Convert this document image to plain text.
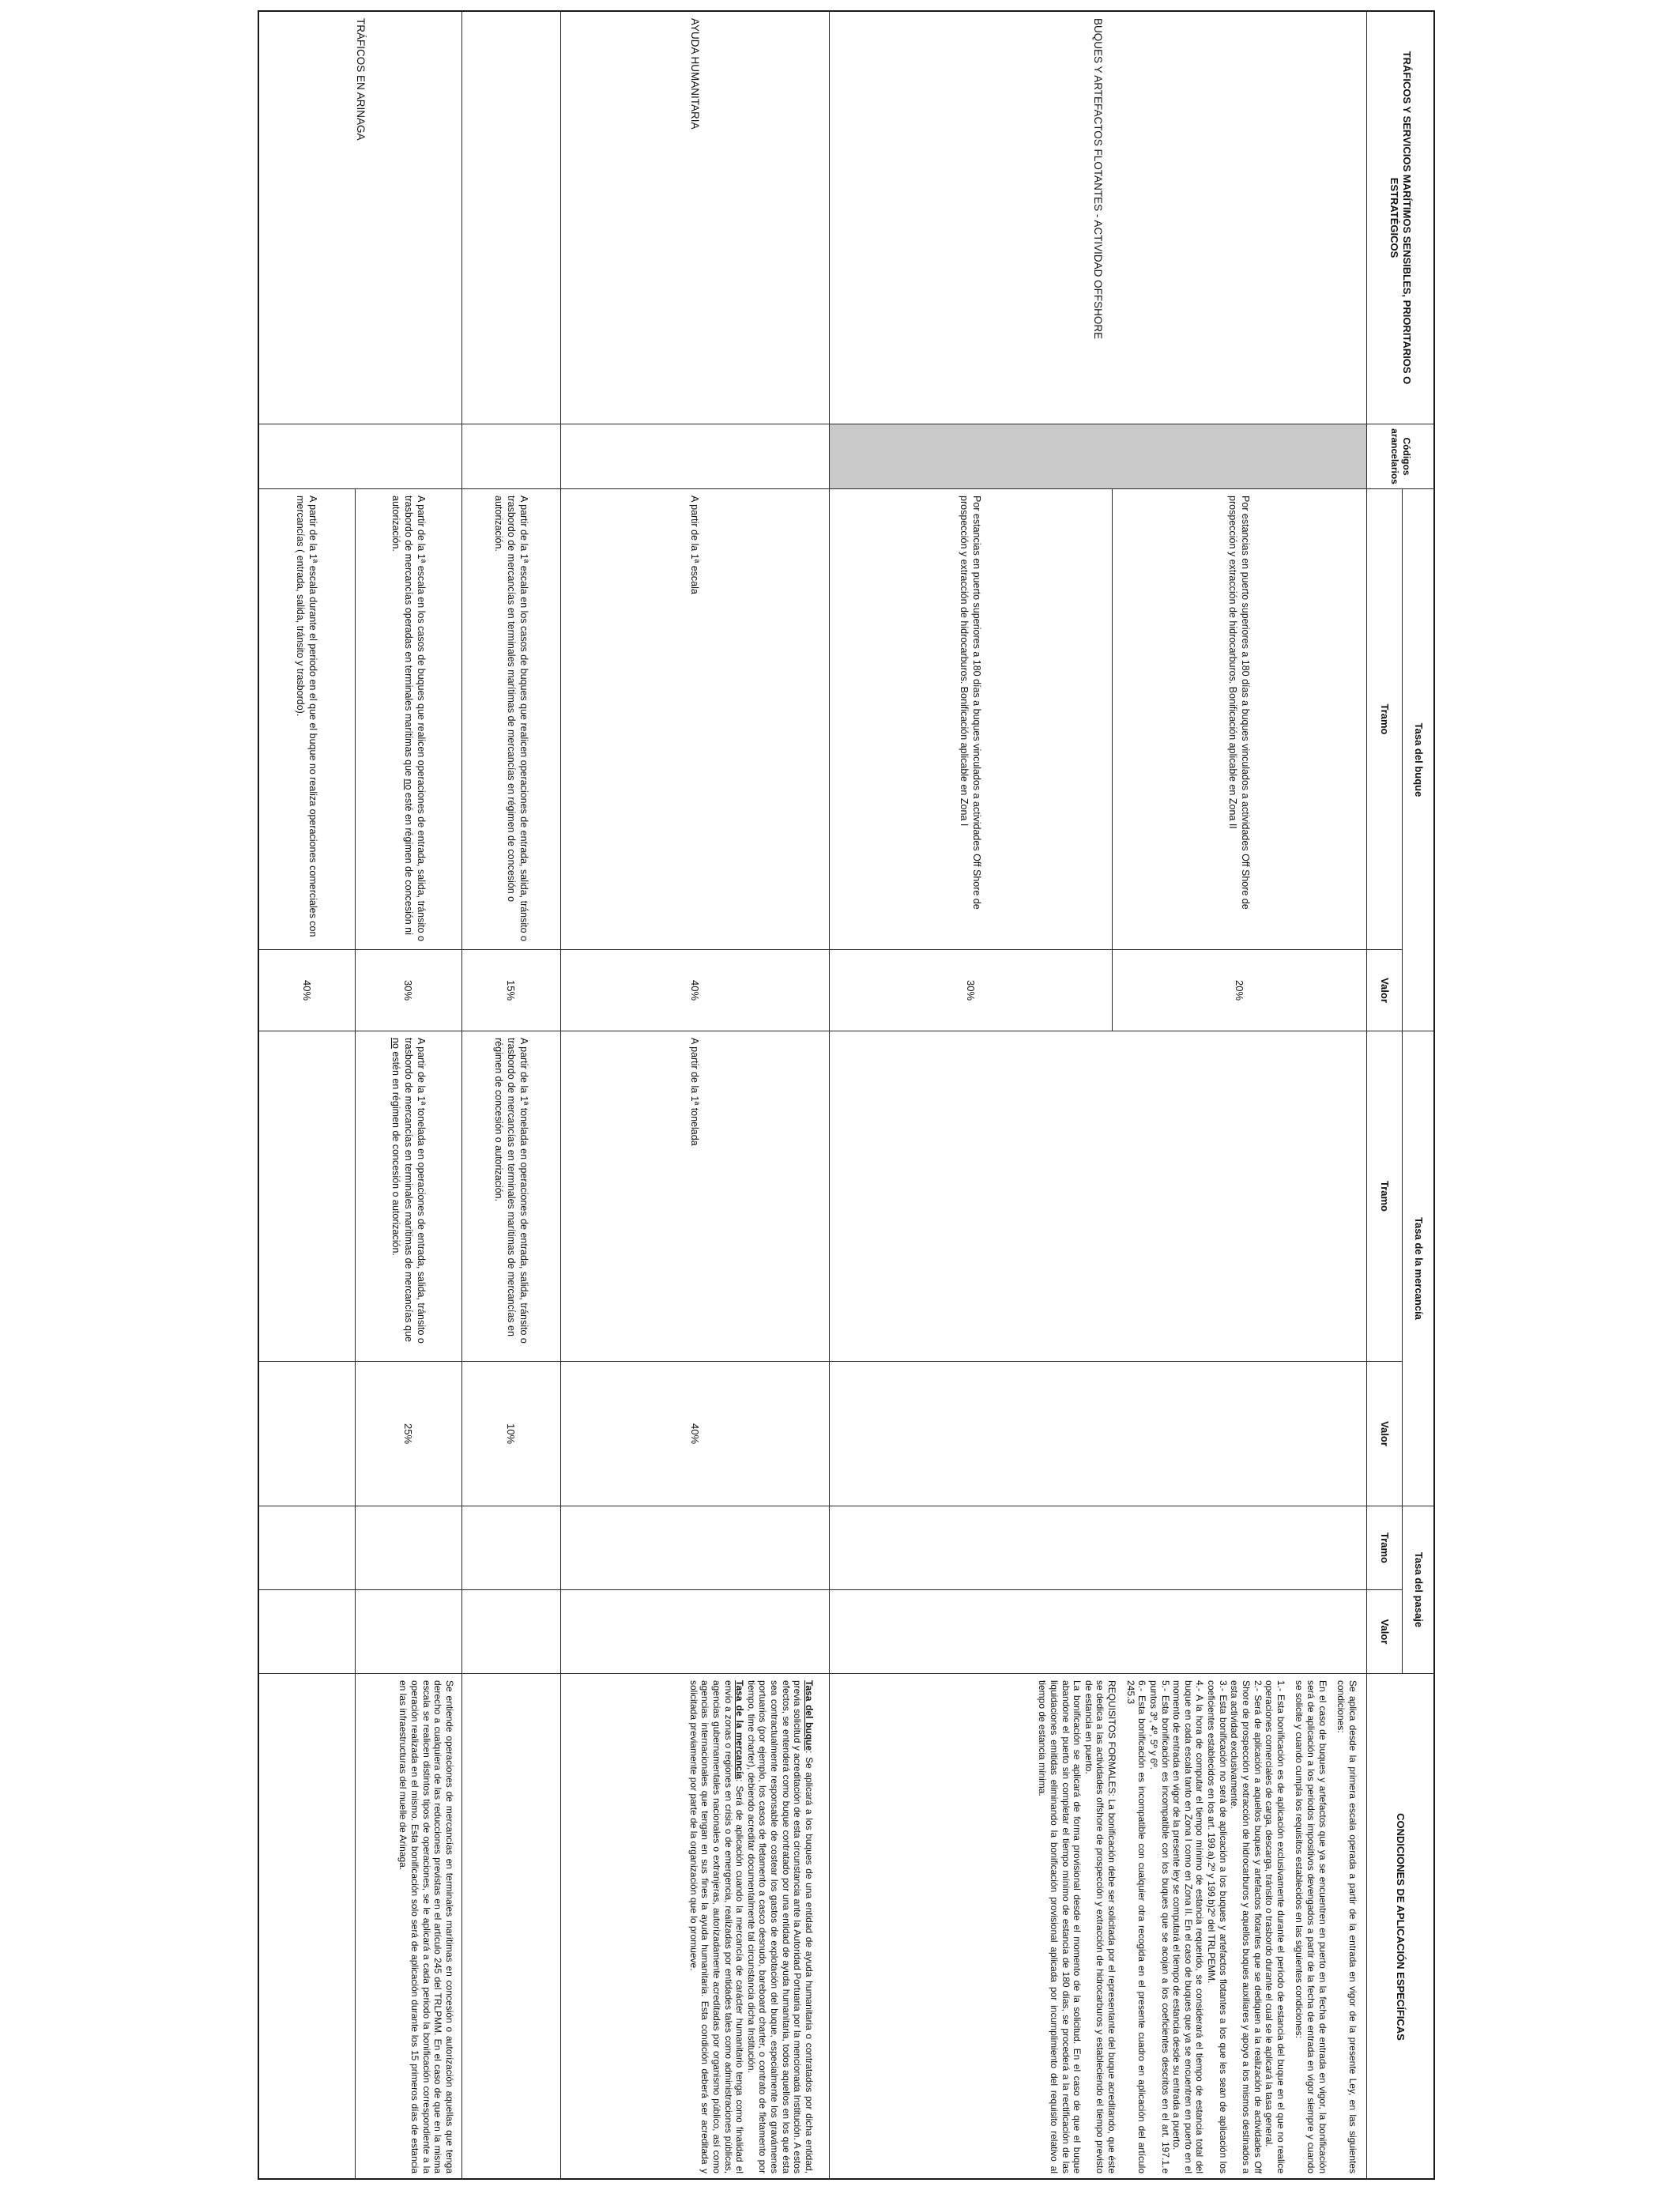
TRÁFICOS Y SERVICIOS MARÍTIMOS SENSIBLES, PRIORITARIOS O ESTRATÉGICOS
Códigos arancelarios
Tasa del buque
Tramo
Valor
Tasa de la mercancía
Tramo
Valor
Tasa del pasaje
Tramo
Valor
CONDICIONES DE APLICACIÓN ESPECÍFICAS
BUQUES Y ARTEFACTOS FLOTANTES - ACTIVIDAD OFFSHORE
Por estancias en puerto superiores a 180 días a buques vinculados a actividades Off Shore de prospección y extracción de hidrocarburos. Bonificación aplicable en Zona II
20%
Por estancias en puerto superiores a 180 días a buques vinculados a actividades Off Shore de prospección y extracción de hidrocarburos. Bonificación aplicable en Zona I
30%

Se aplica desde la primera escala operada a partir de la entrada en vigor de la presente Ley, en las siguientes condiciones:

En el caso de buques y artefactos que ya se encuentren en puerto en la fecha de entrada en vigor, la bonificación será de aplicación a los periodos impositivos devengados a partir de la fecha de entrada en vigor siempre y cuando se solicite y cuando cumpla los requisitos establecidos en las siguientes condiciones:

1.- Esta bonificación es de aplicación exclusivamente durante el período de estancia del buque en el que no realice operaciones comerciales de carga, descarga, tránsito o trasbordo durante el cual se le aplicará la tasa general.

2.- Será de aplicación a aquellos buques y artefactos flotantes que se dediquen a la realización de actividades Off Shore de prospección y extracción de hidrocarburos y aquellos buques auxiliares y apoyo a los mismos destinados a esta actividad exclusivamente.

3.- Esta bonificación no será de aplicación a los buques y artefactos flotantes a los que les sean de aplicación los coeficientes establecidos en los art. 199.a).2º y 199.b)2º del TRLPEMM.

4.- A la hora de computar el tiempo mínimo de estancia requerido, se considerará el tiempo de estancia total del buque en cada escala tanto en Zona I como en Zona II. En el caso de buques que ya se encuentren en puerto en el momento de entrada en vigor de la presente ley se computará el tiempo de estancia desde su entrada a puerto.

5.- Esta bonificación es incompatible con los buques que se acojan a los coeficientes descritos en el art. 197.1.e puntos 3º, 4º, 5º y 6º.

6.- Esta bonificación es incompatible con cualquier otra recogida en el presente cuadro en aplicación del artículo 245.3

REQUISITOS FORMALES: La bonificación debe ser solicitada por el representante del buque acreditando, que éste se dedica a las actividades offshore de prospección y extracción de hidrocarburos y estableciendo el tiempo previsto de estancia en puerto.

La bonificación se aplicará de forma provisional desde el momento de la solicitud. En el caso de que el buque abandone el puerto sin completar el tiempo mínimo de estancia de 180 días, se procederá a la rectificación de las liquidaciones emitidas eliminando la bonificación provisional aplicada por incumplimiento del requisito relativo al tiempo de estancia mínima.

AYUDA HUMANITARIA
A partir de la 1ª escala
40%
A partir de la 1ª tonelada
40%

Tasa del buque: Se aplicará a los buques de una entidad de ayuda humanitaria o contratados por dicha entidad, previa solicitud y acreditación de esta circunstancia ante la Autoridad Portuaria por la mencionada Institución. A estos efectos, se entenderá como buque contratado por una entidad de ayuda humanitaria, todos aquellos en los que ésta sea contractualmente responsable de costear los gastos de explotación del buque, especialmente los gravámenes portuarios (por ejemplo, los casos de fletamento a casco desnudo, bareboard charter, o contrato de fletamento por tiempo, time charter), debiendo acreditar documentalmente tal circunstancia dicha Institución.

Tasa de la mercancía: Será de aplicación cuando la mercancía de carácter humanitario tenga como finalidad el envío a zonas o regiones en crisis o de emergencia, realizadas por entidades tales como administraciones públicas, agencias gubernamentales nacionales o extranjeras, autorizadamente acreditadas por organismo público, así como agencias internacionales que tengan en sus fines la ayuda humanitaria. Esta condición deberá ser acreditada y solicitada previamente por parte de la organización que lo promueve.

A partir de la 1ª escala en los casos de buques que realicen operaciones de entrada, salida, tránsito o trasbordo de mercancías en terminales marítimas de mercancías en régimen de concesión o autorización.
15%
A partir de la 1ª tonelada en operaciones de entrada, salida, tránsito o trasbordo de mercancías en terminales marítimas de mercancías en régimen de concesión o autorización.
10%
TRÁFICOS EN ARINAGA
A partir de la 1ª escala en los casos de buques que realicen operaciones de entrada, salida, tránsito o trasbordo de mercancías operadas en terminales marítimas que no esté en régimen de concesión ni autorización.
30%
A partir de la 1ª tonelada en operaciones de entrada, salida, tránsito o trasbordo de mercancías en terminales marítimas de mercancías que no estén en régimen de concesión o autorización.
25%

Se entiende operaciones de mercancías en terminales marítimas en concesión o autorización aquellas que tenga derecho a cualquiera de las reducciones previstas en el artículo 245 del TRLPMM. En el caso de que en la misma escala se realicen distintos tipos de operaciones, se le aplicará a cada periodo la bonificación correspondiente a la operación realizada en el mismo. Esta bonificación solo será de aplicación durante los 15 primeros días de estancia en las infraestructuras del muelle de Arinaga.

A partir de la 1ª escala durante el periodo en el que el buque no realiza operaciones comerciales con mercancías ( entrada, salida, tránsito y trasbordo).
40%
